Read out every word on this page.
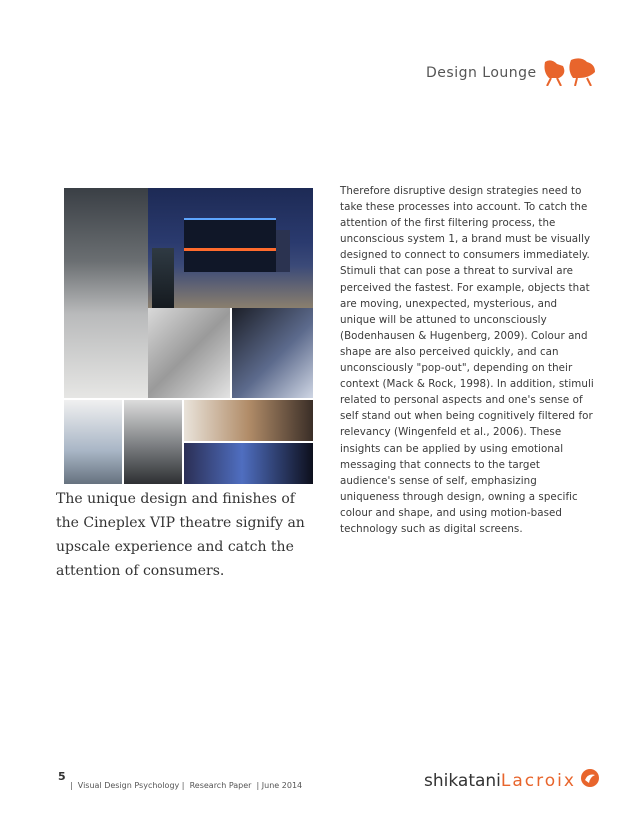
Design Lounge
The unique design and finishes of the Cineplex VIP theatre signify an upscale experience and catch the attention of consumers.
Therefore disruptive design strategies need to take these processes into account. To catch the attention of the first filtering process, the unconscious system 1, a brand must be visually designed to connect to consumers immediately. Stimuli that can pose a threat to survival are perceived the fastest. For example, objects that are moving, unexpected, mysterious, and unique will be attuned to unconsciously (Bodenhausen & Hugenberg, 2009). Colour and shape are also perceived quickly, and can unconsciously "pop-out", depending on their context (Mack & Rock, 1998). In addition, stimuli related to personal aspects and one's sense of self stand out when being cognitively filtered for relevancy (Wingenfeld et al., 2006). These insights can be applied by using emotional messaging that connects to the target audience's sense of self, emphasizing uniqueness through design, owning a specific colour and shape, and using motion-based technology such as digital screens.
5
|  Visual Design Psychology |  Research Paper  | June 2014	shikatani Lacroix
